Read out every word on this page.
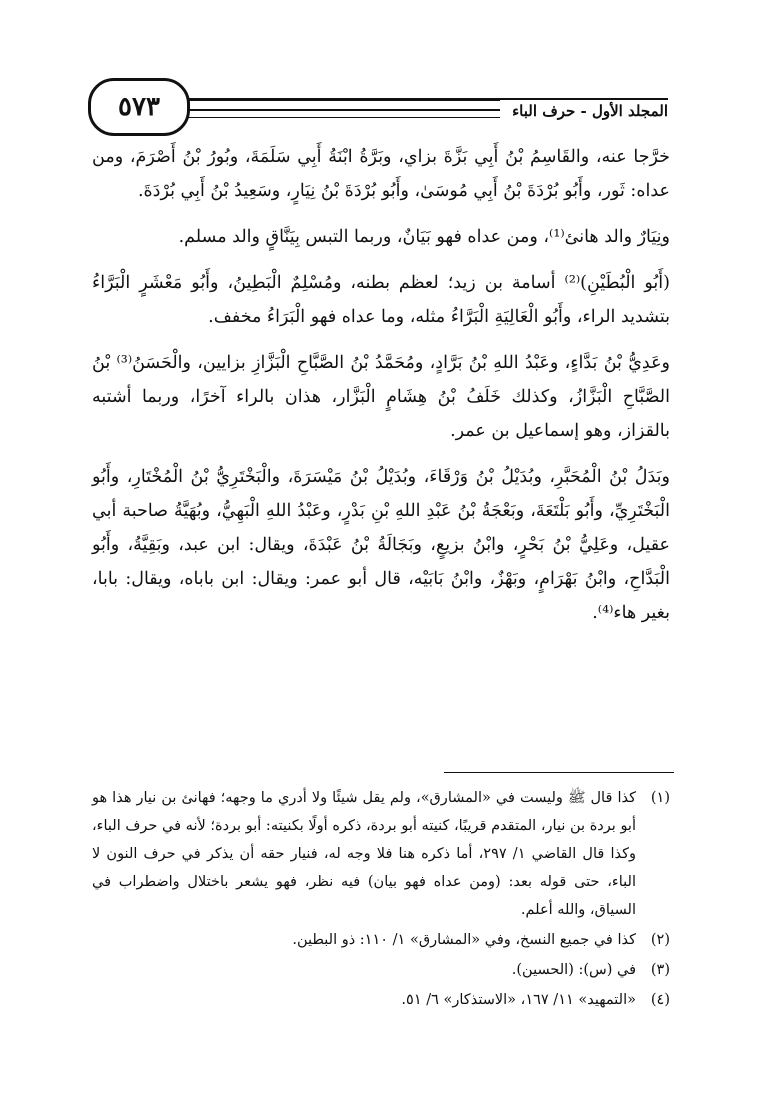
المجلد الأول - حرف الباء
٥٧٣

خرَّجا عنه، والقَاسِمُ بْنُ أَبِي بَزَّةَ بزاي، وبَرَّةُ ابْنَةُ أَبِي سَلَمَةَ، وبُورُ بْنُ أَصْرَمَ، ومن عداه: ثَور، وأَبُو بُرْدَةَ بْنُ أَبِي مُوسَىٰ، وأَبُو بُرْدَةَ بْنُ نِيَارٍ، وسَعِيدُ بْنُ أَبِي بُرْدَةَ.

ونِيَارٌ والد هانئ⁽¹⁾، ومن عداه فهو بَيَانٌ، وربما التبس بِيَنَّاقٍ والد مسلم.

(أَبُو الْبُطَيْنِ)⁽²⁾ أسامة بن زيد؛ لعظم بطنه، ومُسْلِمٌ الْبَطِينُ، وأَبُو مَعْشَرٍ الْبَرَّاءُ بتشديد الراء، وأَبُو الْعَالِيَةِ الْبَرَّاءُ مثله، وما عداه فهو الْبَرَاءُ مخفف.

وعَدِيُّ بْنُ بَدَّاءٍ، وعَبْدُ اللهِ بْنُ بَرَّادٍ، ومُحَمَّدُ بْنُ الصَّبَّاحِ الْبَزَّازِ بزايين، والْحَسَنُ⁽³⁾ بْنُ الصَّبَّاحِ الْبَزَّازُ، وكذلك خَلَفُ بْنُ هِشَامٍ الْبَزَّار، هذان بالراء آخرًا، وربما أشتبه بالقزاز، وهو إسماعيل بن عمر.

وبَدَلُ بْنُ الْمُحَبَّرِ، وبُدَيْلُ بْنُ وَرْقَاءَ، وبُدَيْلُ بْنُ مَيْسَرَةَ، والْبَخْتَرِيُّ بْنُ الْمُخْتَارِ، وأَبُو الْبَخْتَرِيِّ، وأَبُو بَلْتَعَةَ، وبَعْجَةُ بْنُ عَبْدِ اللهِ بْنِ بَدْرٍ، وعَبْدُ اللهِ الْبَهِيُّ، وبُهَيَّةُ صاحبة أبي عقيل، وعَلِيُّ بْنُ بَحْرٍ، وابْنُ بزيعٍ، وبَجَالَةُ بْنُ عَبْدَةَ، ويقال: ابن عبد، وبَقِيَّةُ، وأَبُو الْبَدَّاحِ، وابْنُ بَهْرَامٍ، وبَهْزٌ، وابْنُ بَابَيْه، قال أبو عمر: ويقال: ابن باباه، ويقال: بابا، بغير هاء⁽⁴⁾.

(١)
كذا قال ﷺ وليست في «المشارق»، ولم يقل شيئًا ولا أدري ما وجهه؛ فهانئ بن نيار هذا هو أبو بردة بن نيار، المتقدم قريبًا، كنيته أبو بردة، ذكره أولًا بكنيته: أبو بردة؛ لأنه في حرف الباء، وكذا قال القاضي ١/ ٢٩٧، أما ذكره هنا فلا وجه له، فنيار حقه أن يذكر في حرف النون لا الباء، حتى قوله بعد: (ومن عداه فهو بيان) فيه نظر، فهو يشعر باختلال واضطراب في السياق، والله أعلم.
(٢)
كذا في جميع النسخ، وفي «المشارق» ١/ ١١٠: ذو البطين.
(٣)
في (س): (الحسين).
(٤)
«التمهيد» ١١/ ١٦٧، «الاستذكار» ٦/ ٥١.
